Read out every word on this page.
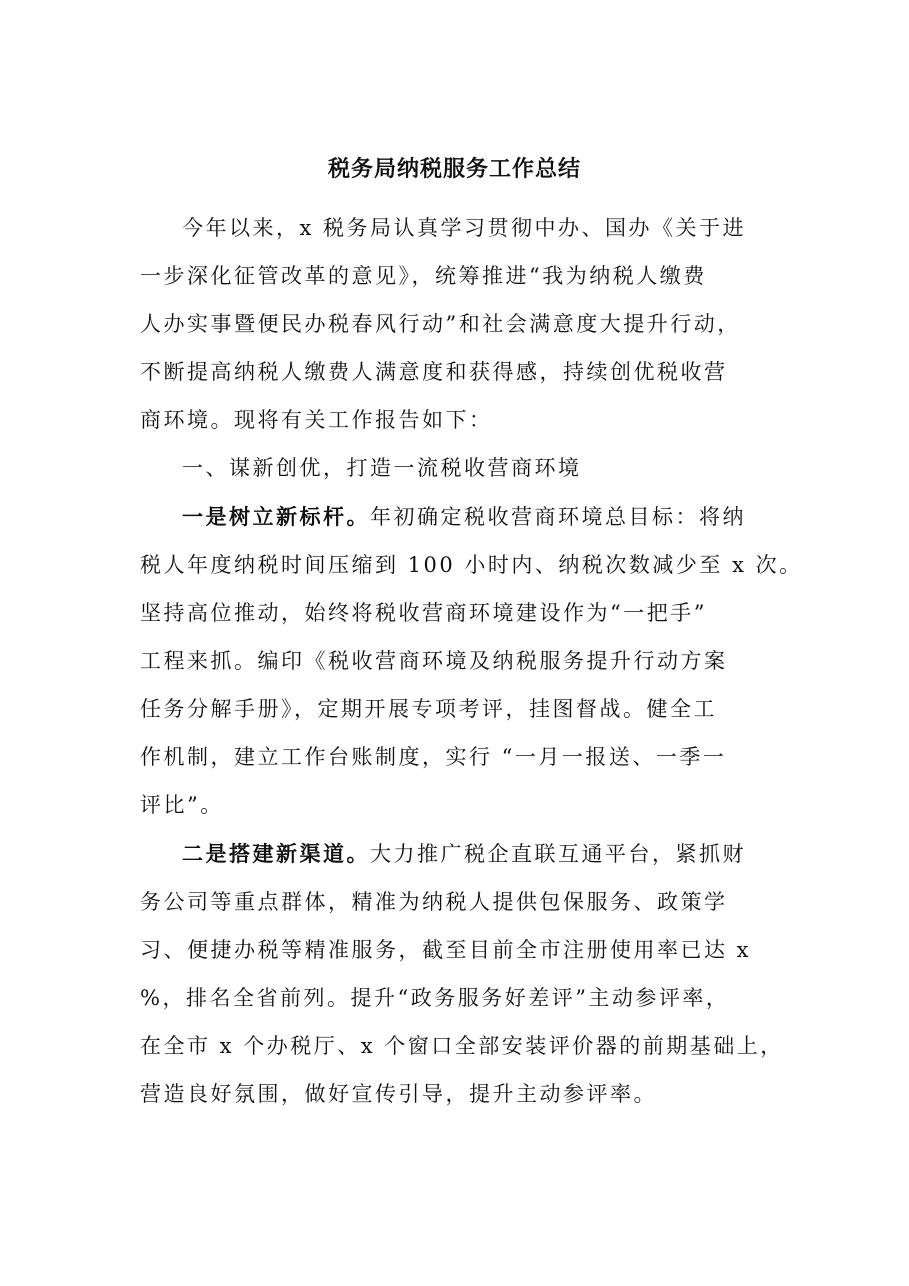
税务局纳税服务工作总结
今年以来，x 税务局认真学习贯彻中办、国办《关于进
一步深化征管改革的意见》，统筹推进“我为纳税人缴费
人办实事暨便民办税春风行动”和社会满意度大提升行动，
不断提高纳税人缴费人满意度和获得感，持续创优税收营
商环境。现将有关工作报告如下：
一、谋新创优，打造一流税收营商环境
一是树立新标杆。年初确定税收营商环境总目标：将纳
税人年度纳税时间压缩到 100 小时内、纳税次数减少至 x 次。
坚持高位推动，始终将税收营商环境建设作为“一把手”
工程来抓。编印《税收营商环境及纳税服务提升行动方案
任务分解手册》，定期开展专项考评，挂图督战。健全工
作机制，建立工作台账制度，实行 “一月一报送、一季一
评比”。
二是搭建新渠道。大力推广税企直联互通平台，紧抓财
务公司等重点群体，精准为纳税人提供包保服务、政策学
习、便捷办税等精准服务，截至目前全市注册使用率已达 x
%，排名全省前列。提升“政务服务好差评”主动参评率，
在全市 x 个办税厅、x 个窗口全部安装评价器的前期基础上，
营造良好氛围，做好宣传引导，提升主动参评率。
